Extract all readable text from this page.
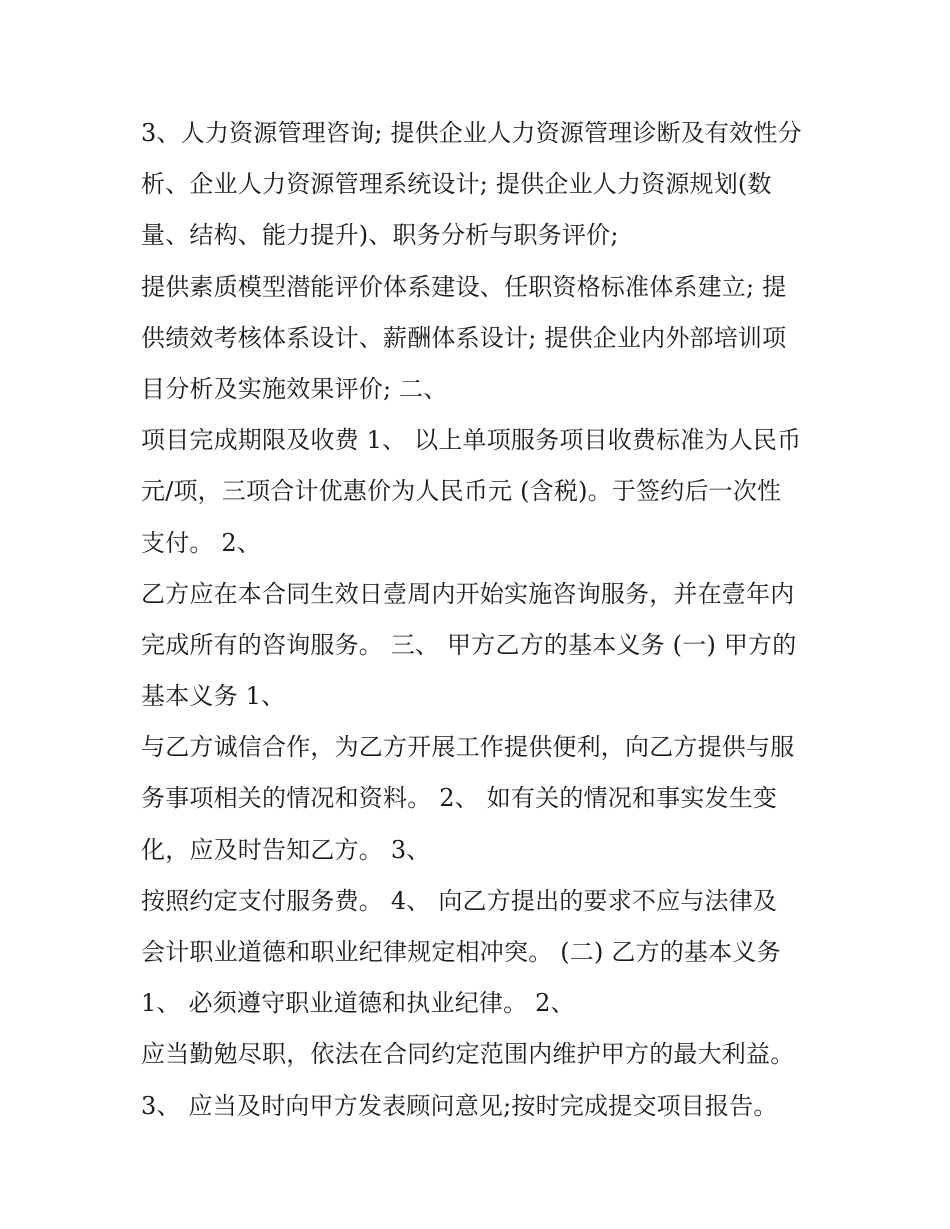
3、人力资源管理咨询; 提供企业人力资源管理诊断及有效性分
析、企业人力资源管理系统设计; 提供企业人力资源规划(数
量、结构、能力提升)、职务分析与职务评价;
提供素质模型潜能评价体系建设、任职资格标准体系建立; 提
供绩效考核体系设计、薪酬体系设计; 提供企业内外部培训项
目分析及实施效果评价; 二、
项目完成期限及收费 1、 以上单项服务项目收费标准为人民币
元/项，三项合计优惠价为人民币元 (含税)。于签约后一次性
支付。 2、
乙方应在本合同生效日壹周内开始实施咨询服务，并在壹年内
完成所有的咨询服务。 三、 甲方乙方的基本义务 (一) 甲方的
基本义务 1、
与乙方诚信合作，为乙方开展工作提供便利，向乙方提供与服
务事项相关的情况和资料。 2、 如有关的情况和事实发生变
化，应及时告知乙方。 3、
按照约定支付服务费。 4、 向乙方提出的要求不应与法律及
会计职业道德和职业纪律规定相冲突。 (二) 乙方的基本义务
1、 必须遵守职业道德和执业纪律。 2、
应当勤勉尽职，依法在合同约定范围内维护甲方的最大利益。
3、 应当及时向甲方发表顾问意见;按时完成提交项目报告。
